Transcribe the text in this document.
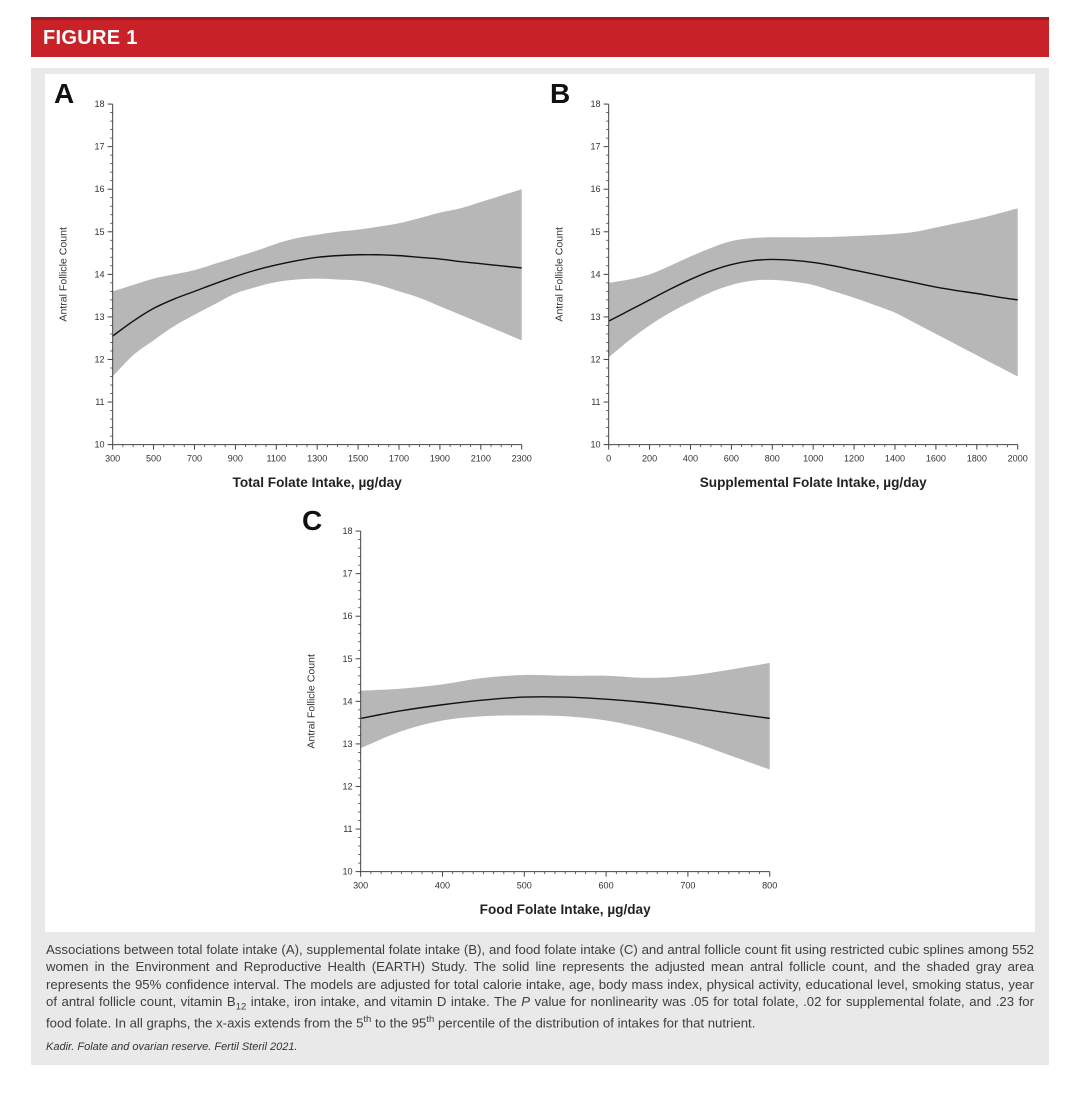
FIGURE 1
A
10
11
12
13
14
15
16
17
18
300	500	700	900	1100 1300 1500 1700 1900 2100 2300
Total Folate Intake, µg/day
Antral Follicle Count
B
10
11
12
13
14
15
16
17
18
0	200	400	600	800	1000 1200 1400 1600 1800 2000
Supplemental Folate Intake, µg/day
Antral Follicle Count
C
10
11
12
13
14
15
16
17
18
300	400	500	600	700	800
Food Folate Intake, µg/day
Antral Follicle Count

Associations between total folate intake (A), supplemental folate intake (B), and food folate intake (C) and antral follicle count fit using restricted cubic splines among 552 women in the Environment and Reproductive Health (EARTH) Study. The solid line represents the adjusted mean antral follicle count, and the shaded gray area represents the 95% confidence interval. The models are adjusted for total calorie intake, age, body mass index, physical activity, educational level, smoking status, year of antral follicle count, vitamin $B_{12}$ intake, iron intake, and vitamin D intake. The P value for nonlinearity was .05 for total folate, .02 for supplemental folate, and .23 for food folate. In all graphs, the x-axis extends from the 5th to the 95th percentile of the distribution of intakes for that nutrient.

Kadir. Folate and ovarian reserve. Fertil Steril 2021.
